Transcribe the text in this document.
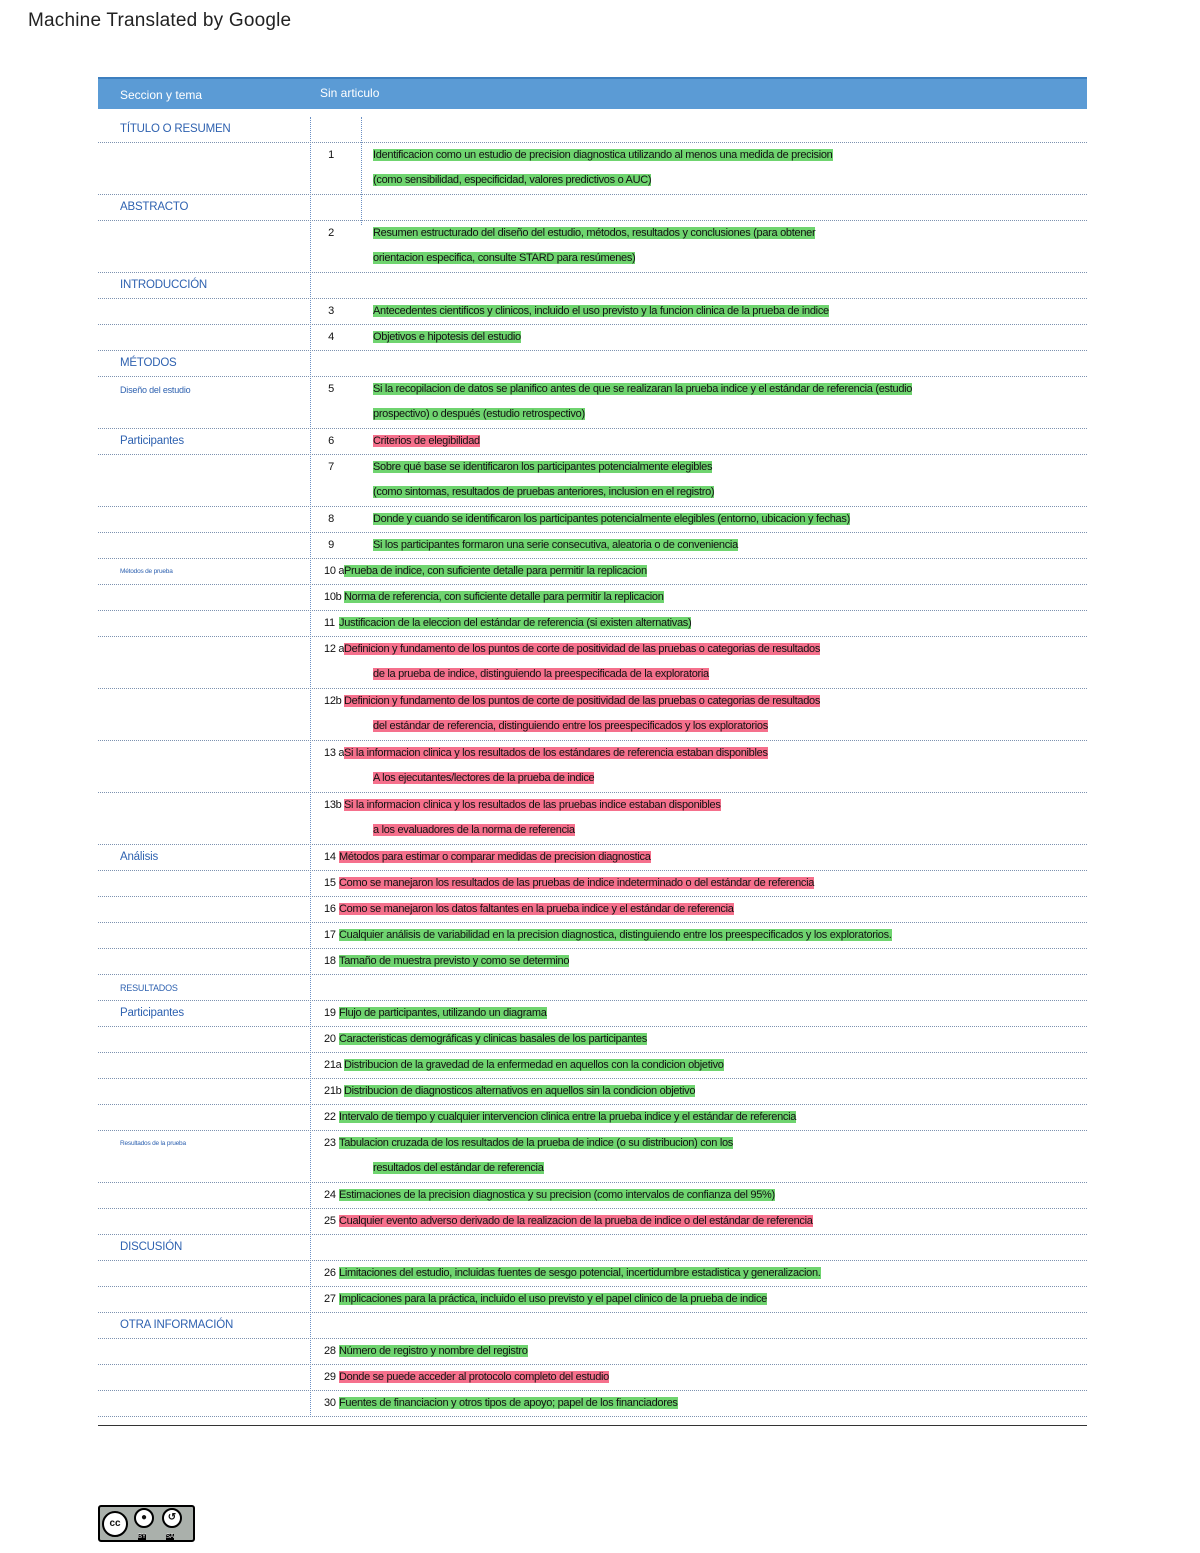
Machine Translated by Google
Seccion y tema	Sin articulo
TÍTULO O RESUMEN
1	Identificacion como un estudio de precision diagnostica utilizando al menos una medida de precision
(como sensibilidad, especificidad, valores predictivos o AUC)
ABSTRACTO
2	Resumen estructurado del diseño del estudio, métodos, resultados y conclusiones (para obtener
orientacion especifica, consulte STARD para resúmenes)
INTRODUCCIÓN
3	Antecedentes cientificos y clinicos, incluido el uso previsto y la funcion clinica de la prueba de indice
4	Objetivos e hipotesis del estudio
MÉTODOS
Diseño del estudio	5	Si la recopilacion de datos se planifico antes de que se realizaran la prueba indice y el estándar de referencia (estudio
prospectivo) o después (estudio retrospectivo)
Participantes	6	Criterios de elegibilidad
7	Sobre qué base se identificaron los participantes potencialmente elegibles
(como sintomas, resultados de pruebas anteriores, inclusion en el registro)
8	Donde y cuando se identificaron los participantes potencialmente elegibles (entorno, ubicacion y fechas)
9	Si los participantes formaron una serie consecutiva, aleatoria o de conveniencia
Métodos de prueba	10 a Prueba de indice, con suficiente detalle para permitir la replicacion
10b Norma de referencia, con suficiente detalle para permitir la replicacion
11 Justificacion de la eleccion del estándar de referencia (si existen alternativas)
12 a Definicion y fundamento de los puntos de corte de positividad de las pruebas o categorias de resultados
de la prueba de indice, distinguiendo la preespecificada de la exploratoria
12b Definicion y fundamento de los puntos de corte de positividad de las pruebas o categorias de resultados
del estándar de referencia, distinguiendo entre los preespecificados y los exploratorios
13 a Si la informacion clinica y los resultados de los estándares de referencia estaban disponibles
A los ejecutantes/lectores de la prueba de indice
13b Si la informacion clinica y los resultados de las pruebas indice estaban disponibles
a los evaluadores de la norma de referencia
Análisis	14 Métodos para estimar o comparar medidas de precision diagnostica
15 Como se manejaron los resultados de las pruebas de indice indeterminado o del estándar de referencia
16 Como se manejaron los datos faltantes en la prueba indice y el estándar de referencia
17 Cualquier análisis de variabilidad en la precision diagnostica, distinguiendo entre los preespecificados y los exploratorios.
18 Tamaño de muestra previsto y como se determino
RESULTADOS
Participantes	19 Flujo de participantes, utilizando un diagrama
20 Caracteristicas demográficas y clinicas basales de los participantes
21a Distribucion de la gravedad de la enfermedad en aquellos con la condicion objetivo
21b Distribucion de diagnosticos alternativos en aquellos sin la condicion objetivo
22 Intervalo de tiempo y cualquier intervencion clinica entre la prueba indice y el estándar de referencia
Resultados de la prueba	23 Tabulacion cruzada de los resultados de la prueba de indice (o su distribucion) con los
resultados del estándar de referencia
24 Estimaciones de la precision diagnostica y su precision (como intervalos de confianza del 95%)
25 Cualquier evento adverso derivado de la realizacion de la prueba de indice o del estándar de referencia
DISCUSIÓN
26 Limitaciones del estudio, incluidas fuentes de sesgo potencial, incertidumbre estadistica y generalizacion.
27 Implicaciones para la práctica, incluido el uso previsto y el papel clinico de la prueba de indice
OTRA INFORMACIÓN
28 Número de registro y nombre del registro
29 Donde se puede acceder al protocolo completo del estudio
30 Fuentes de financiacion y otros tipos de apoyo; papel de los financiadores
cc
●	↺
BY	SA
